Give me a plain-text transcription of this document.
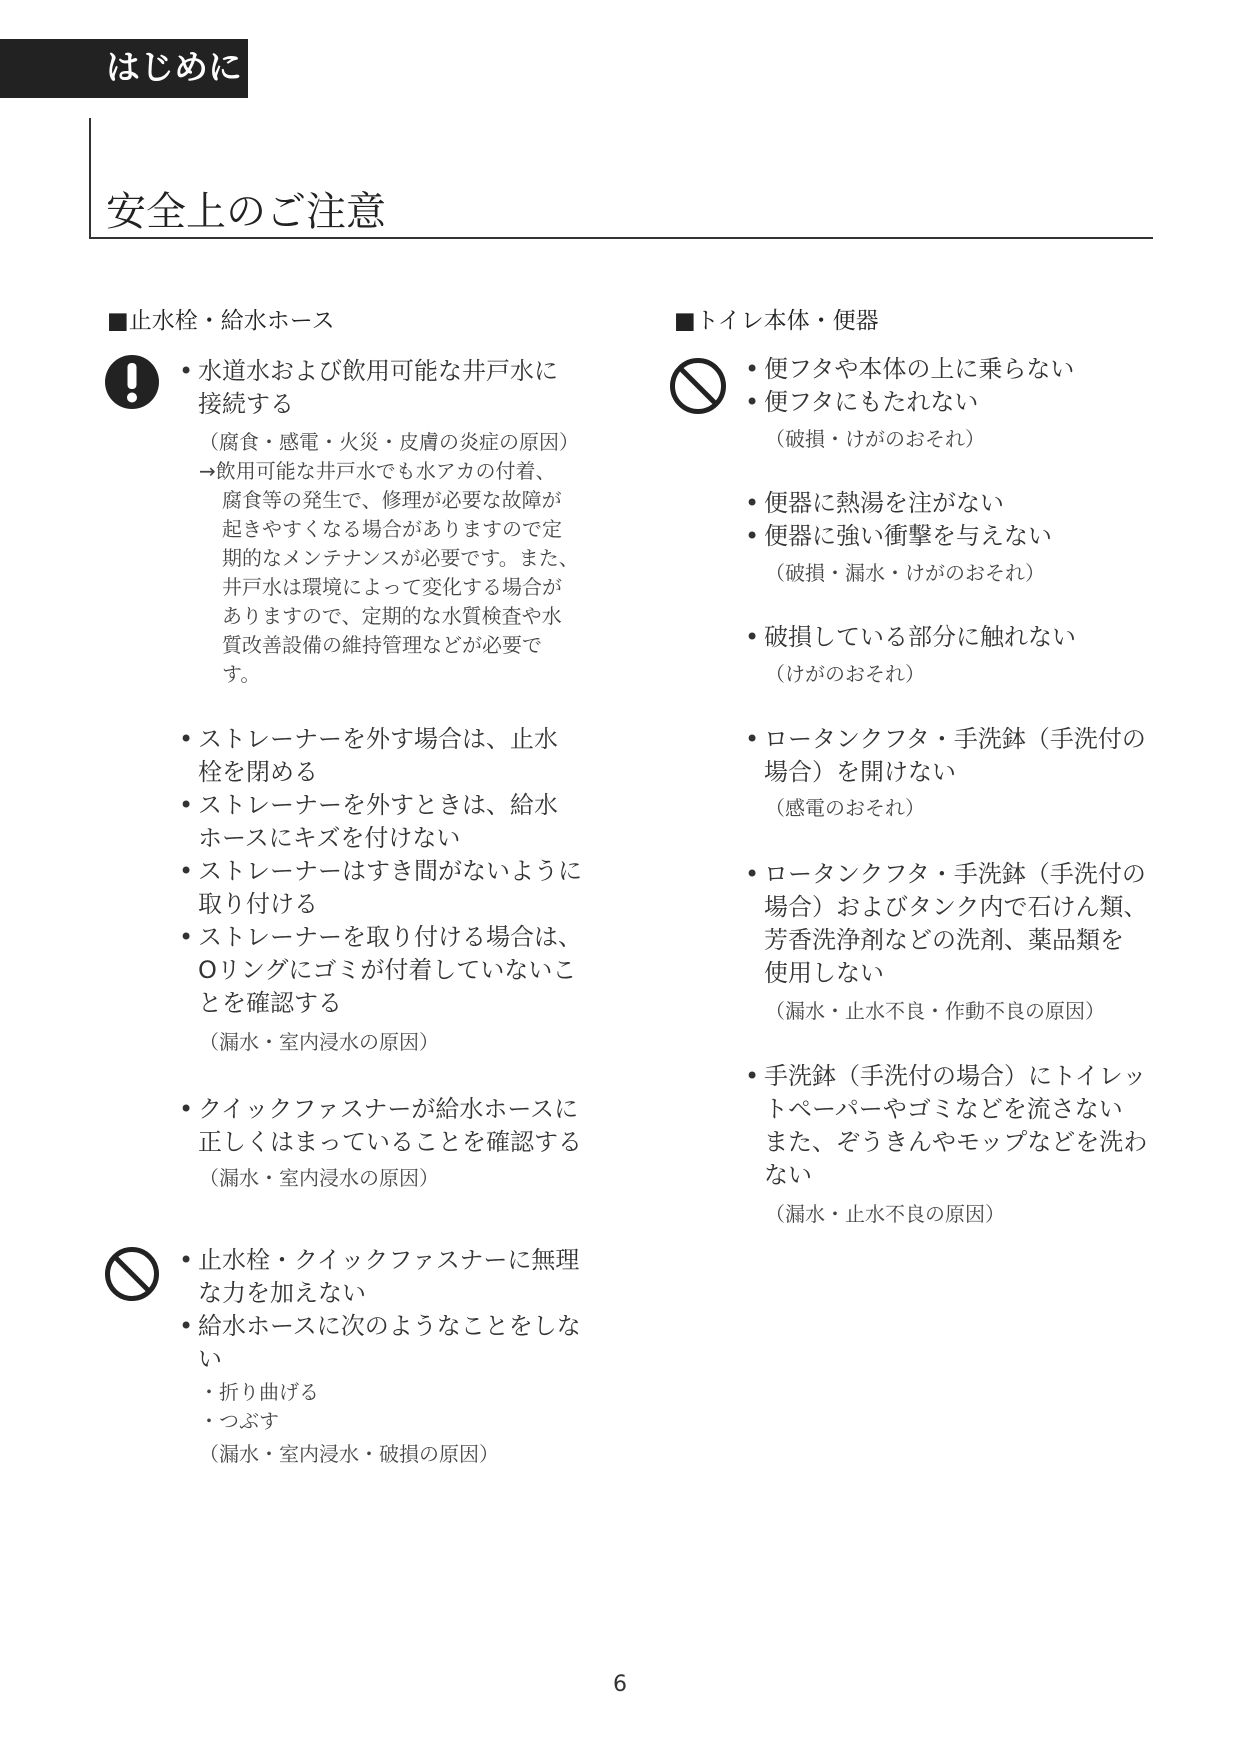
はじめに
安全上のご注意
■止水栓・給水ホース
• 水道水および飲用可能な井戸水に
接続する
（腐食・感電・火災・皮膚の炎症の原因）
→飲用可能な井戸水でも水アカの付着、
腐食等の発生で、修理が必要な故障が
起きやすくなる場合がありますので定
期的なメンテナンスが必要です。また、
井戸水は環境によって変化する場合が
ありますので、定期的な水質検査や水
質改善設備の維持管理などが必要で
す。
• ストレーナーを外す場合は、止水
栓を閉める
• ストレーナーを外すときは、給水
ホースにキズを付けない
• ストレーナーはすき間がないように
取り付ける
• ストレーナーを取り付ける場合は、
Oリングにゴミが付着していないこ
とを確認する
（漏水・室内浸水の原因）
• クイックファスナーが給水ホースに
正しくはまっていることを確認する
（漏水・室内浸水の原因）
• 止水栓・クイックファスナーに無理
な力を加えない
• 給水ホースに次のようなことをしな
い
・折り曲げる
・つぶす
（漏水・室内浸水・破損の原因）
■トイレ本体・便器
• 便フタや本体の上に乗らない
• 便フタにもたれない
（破損・けがのおそれ）
• 便器に熱湯を注がない
• 便器に強い衝撃を与えない
（破損・漏水・けがのおそれ）
• 破損している部分に触れない
（けがのおそれ）
• ロータンクフタ・手洗鉢（手洗付の
場合）を開けない
（感電のおそれ）
• ロータンクフタ・手洗鉢（手洗付の
場合）およびタンク内で石けん類、
芳香洗浄剤などの洗剤、薬品類を
使用しない
（漏水・止水不良・作動不良の原因）
• 手洗鉢（手洗付の場合）にトイレッ
トペーパーやゴミなどを流さない
また、ぞうきんやモップなどを洗わ
ない
（漏水・止水不良の原因）
6
